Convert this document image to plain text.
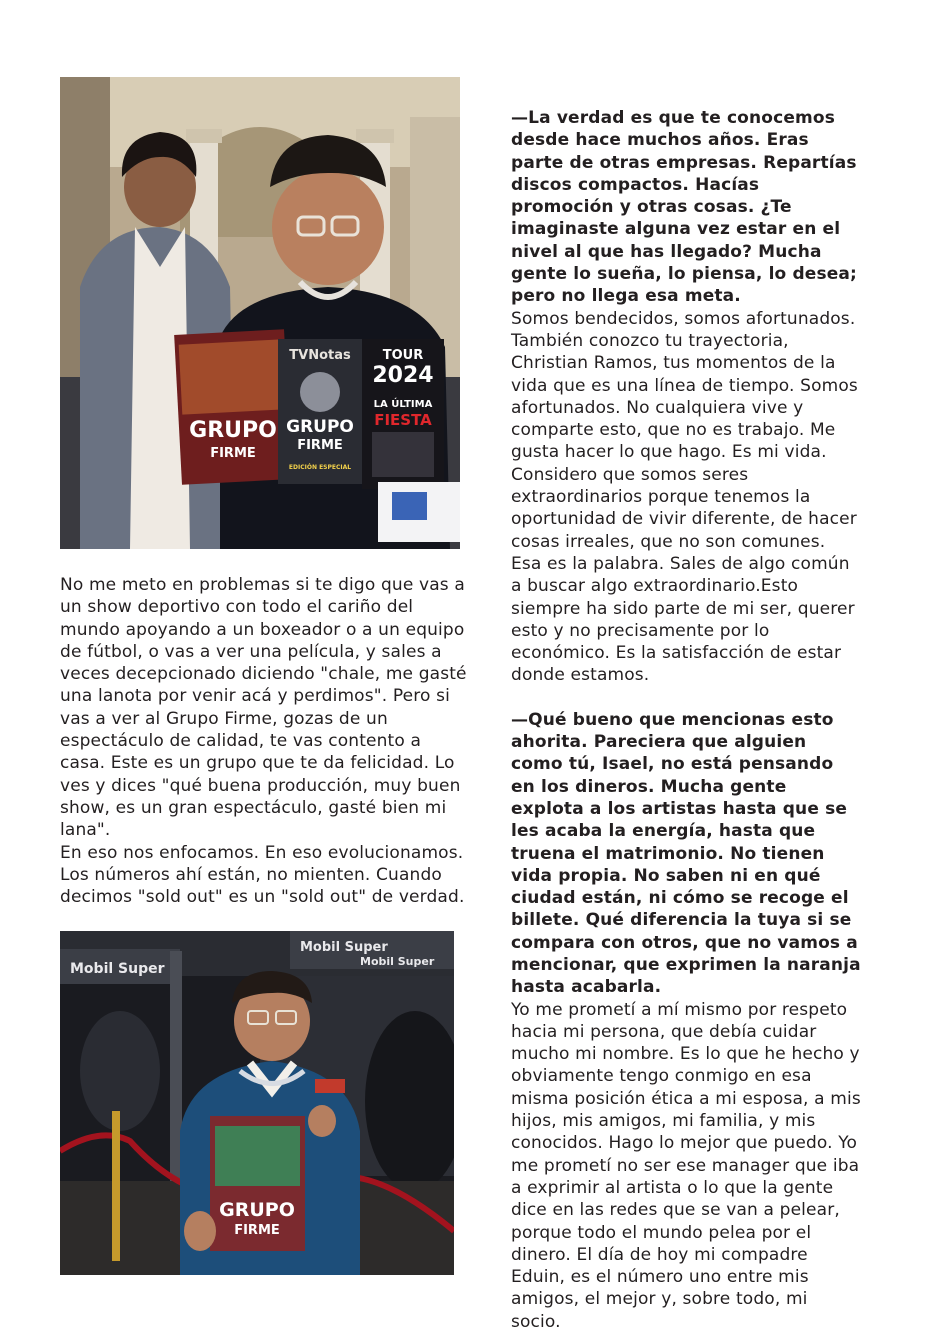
GRUPO
FIRME
TVNotas
GRUPO
FIRME
EDICIÓN ESPECIAL
TOUR
2024
LA ÚLTIMA
FIESTA

No me meto en problemas si te digo que vas a un show deportivo con todo el cariño del mundo apoyando a un boxeador o a un equipo de fútbol, o vas a ver una película, y sales a veces decepcionado diciendo "chale, me gasté una lanota por venir acá y perdimos". Pero si vas a ver al Grupo Firme, gozas de un espectáculo de calidad, te vas contento a casa. Este es un grupo que te da felicidad. Lo ves y dices "qué buena producción, muy buen show, es un gran espectáculo, gasté bien mi lana".

En eso nos enfocamos. En eso evolucionamos. Los números ahí están, no mienten. Cuando decimos "sold out" es un "sold out" de verdad.

Mobil Super
Mobil Super
Mobil Super
GRUPO
FIRME

—La verdad es que te conocemos desde hace muchos años. Eras parte de otras empresas. Repartías discos compactos. Hacías promoción y otras cosas. ¿Te imaginaste alguna vez estar en el nivel al que has llegado? Mucha gente lo sueña, lo piensa, lo desea; pero no llega esa meta.

Somos bendecidos, somos afortunados. También conozco tu trayectoria, Christian Ramos, tus momentos de la vida que es una línea de tiempo. Somos afortunados. No cualquiera vive y comparte esto, que no es trabajo. Me gusta hacer lo que hago. Es mi vida. Considero que somos seres extraordinarios porque tenemos la oportunidad de vivir diferente, de hacer cosas irreales, que no son comunes. Esa es la palabra. Sales de algo común a buscar algo extraordinario.Esto siempre ha sido parte de mi ser, querer esto y no precisamente por lo económico. Es la satisfacción de estar donde estamos.

—Qué bueno que mencionas esto ahorita. Pareciera que alguien como tú, Isael, no está pensando en los dineros. Mucha gente explota a los artistas hasta que se les acaba la energía, hasta que truena el matrimonio. No tienen vida propia. No saben ni en qué ciudad están, ni cómo se recoge el billete. Qué diferencia la tuya si se compara con otros, que no vamos a mencionar, que exprimen la naranja hasta acabarla.

Yo me prometí a mí mismo por respeto hacia mi persona, que debía cuidar mucho mi nombre. Es lo que he hecho y obviamente tengo conmigo en esa misma posición ética a mi esposa, a mis hijos, mis amigos, mi familia, y mis conocidos. Hago lo mejor que puedo. Yo me prometí no ser ese manager que iba a exprimir al artista o lo que la gente dice en las redes que se van a pelear, porque todo el mundo pelea por el dinero. El día de hoy mi compadre Eduin, es el número uno entre mis amigos, el mejor y, sobre todo, mi socio.
